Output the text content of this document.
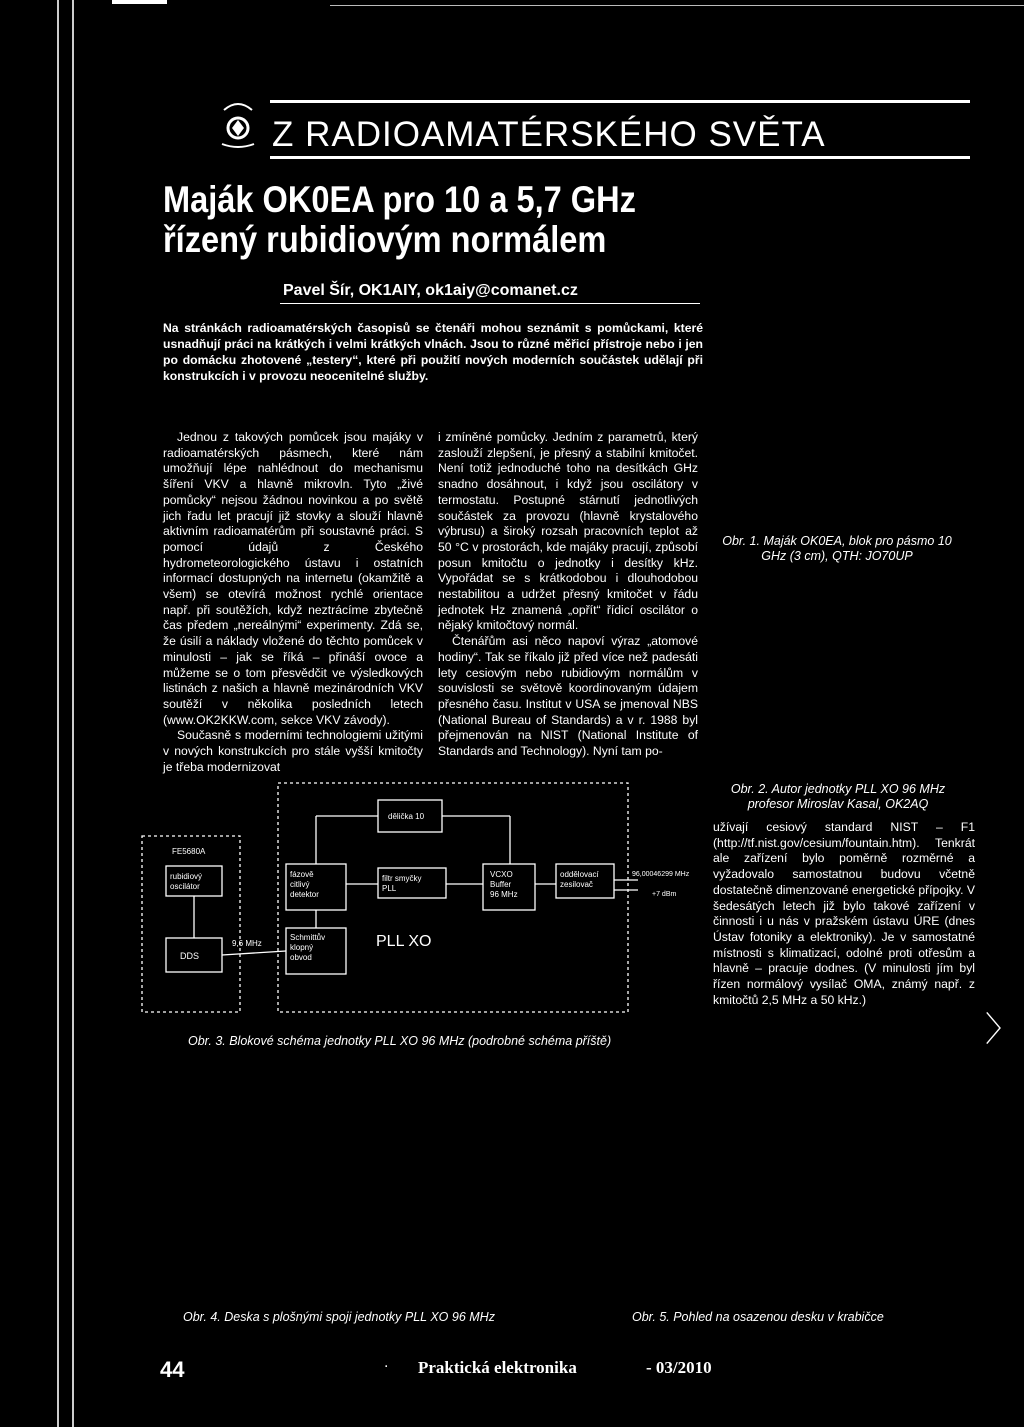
Z RADIOAMATÉRSKÉHO SVĚTA
Maják OK0EA pro 10 a 5,7 GHz
řízený rubidiovým normálem
Pavel Šír, OK1AIY, ok1aiy@comanet.cz
Na stránkách radioamatérských časopisů se čtenáři mohou seznámit s pomůckami, které usnadňují práci na krátkých i velmi krátkých vlnách. Jsou to různé měřicí přístroje nebo i jen po domácku zhotovené „testery“, které při použití nových moderních součástek udělají při konstrukcích i v provozu neocenitelné služby.

Jednou z takových pomůcek jsou majáky v radioamatérských pásmech, které nám umožňují lépe nahlédnout do mechanismu šíření VKV a hlavně mikrovln. Tyto „živé pomůcky“ nejsou žádnou novinkou a po světě jich řadu let pracují již stovky a slouží hlavně aktivním radioamatérům při soustavné práci. S pomocí údajů z Českého hydrometeorologického ústavu i ostatních informací dostupných na internetu (okamžitě a všem) se otevírá možnost rychlé orientace např. při soutěžích, když neztrácíme zbytečně čas předem „nereálnými“ experimenty. Zdá se, že úsilí a náklady vložené do těchto pomůcek v minulosti – jak se říká – přináší ovoce a můžeme se o tom přesvědčit ve výsledkových listinách z našich a hlavně mezinárodních VKV soutěží v několika posledních letech (www.OK2KKW.com, sekce VKV závody).

Současně s moderními technologiemi užitými v nových konstrukcích pro stále vyšší kmitočty je třeba modernizovat

i zmíněné pomůcky. Jedním z parametrů, který zaslouží zlepšení, je přesný a stabilní kmitočet. Není totiž jednoduché toho na desítkách GHz snadno dosáhnout, i když jsou oscilátory v termostatu. Postupné stárnutí jednotlivých součástek za provozu (hlavně krystalového výbrusu) a široký rozsah pracovních teplot až 50 °C v prostorách, kde majáky pracují, způsobí posun kmitočtu o jednotky i desítky kHz. Vypořádat se s krátkodobou i dlouhodobou nestabilitou a udržet přesný kmitočet v řádu jednotek Hz znamená „opřít“ řídicí oscilátor o nějaký kmitočtový normál.

Čtenářům asi něco napoví výraz „atomové hodiny“. Tak se říkalo již před více než padesáti lety cesiovým nebo rubidiovým normálům v souvislosti se světově koordinovaným údajem přesného času. Institut v USA se jmenoval NBS (National Bureau of Standards) a v r. 1988 byl přejmenován na NIST (National Institute of Standards and Technology). Nyní tam po-

Obr. 1. Maják OK0EA, blok pro pásmo 10 GHz (3 cm), QTH: JO70UP
Obr. 2. Autor jednotky PLL XO 96 MHz profesor Miroslav Kasal, OK2AQ

užívají cesiový standard NIST – F1 (http://tf.nist.gov/cesium/fountain.htm). Tenkrát ale zařízení bylo poměrně rozměrné a vyžadovalo samostatnou budovu včetně dostatečně dimenzované energetické přípojky. V šedesátých letech již bylo takové zařízení v činnosti i u nás v pražském ústavu ÚRE (dnes Ústav fotoniky a elektroniky). Je v samostatné místnosti s klimatizací, odolné proti otřesům a hlavně – pracuje dodnes. (V minulosti jím byl řízen normálový vysílač OMA, známý např. z kmitočtů 2,5 MHz a 50 kHz.)

FE5680A
rubidiový
oscilátor
DDS
9,6 MHz
fázově
citlivý
detektor
Schmittův
klopný
obvod
dělička 10
filtr smyčky
PLL
VCXO
Buffer
96 MHz
oddělovací
zesilovač
96,00046299 MHz
+7 dBm
PLL XO
Obr. 3. Blokové schéma jednotky PLL XO 96 MHz (podrobné schéma příště)
Obr. 4. Deska s plošnými spoji jednotky PLL XO 96 MHz	Obr. 5. Pohled na osazenou desku v krabičce
〉
44	. Praktická elektronika	- 03/2010
